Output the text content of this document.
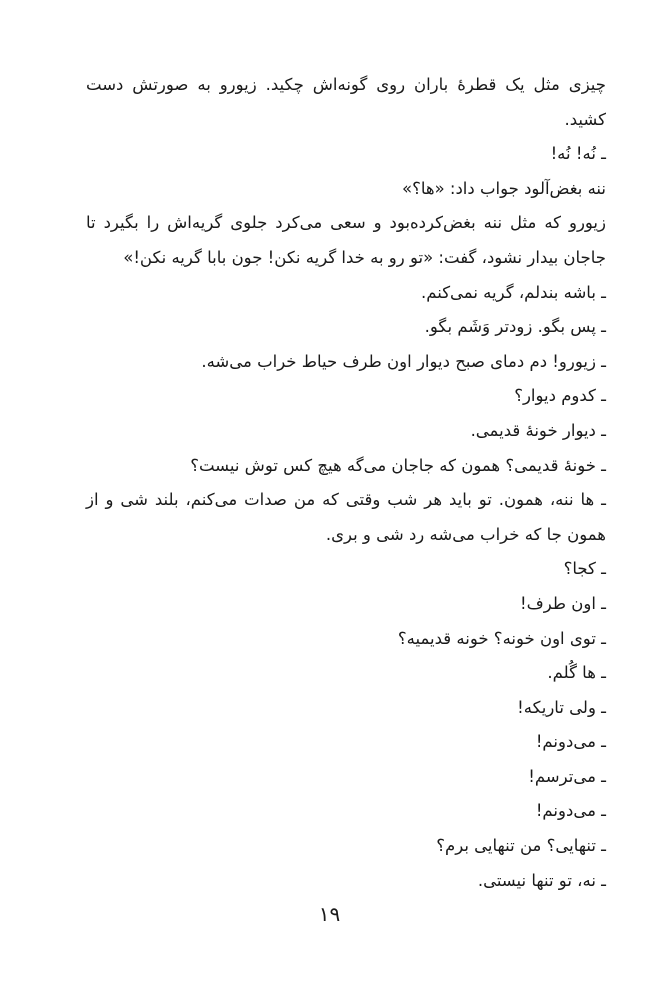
چیزی مثل یک قطرهٔ باران روی گونه‌اش چکید. زیورو به صورتش دست کشید.

ـ نُه! نُه!

ننه بغض‌آلود جواب داد: «ها؟»

زیورو که مثل ننه بغض‌کرده‌بود و سعی می‌کرد جلوی گریه‌اش را بگیرد تا جاجان بیدار نشود، گفت: «تو رو به خدا گریه نکن! جون بابا گریه نکن!»

ـ باشه بندلم، گریه نمی‌کنم.

ـ پس بگو. زودتر وَشَم بگو.

ـ زیورو! دم دمای صبح دیوار اون طرف حیاط خراب می‌شه.

ـ کدوم دیوار؟

ـ دیوار خونهٔ قدیمی.

ـ خونهٔ قدیمی؟ همون که جاجان می‌گه هیچ کس توش نیست؟

ـ ها ننه، همون. تو باید هر شب وقتی که من صدات می‌کنم، بلند شی و از همون جا که خراب می‌شه رد شی و بری.

ـ کجا؟

ـ اون طرف!

ـ توی اون خونه؟ خونه قدیمیه؟

ـ ها گُلم.

ـ ولی تاریکه!

ـ می‌دونم!

ـ می‌ترسم!

ـ می‌دونم!

ـ تنهایی؟ من تنهایی برم؟

ـ نه، تو تنها نیستی.

۱۹
